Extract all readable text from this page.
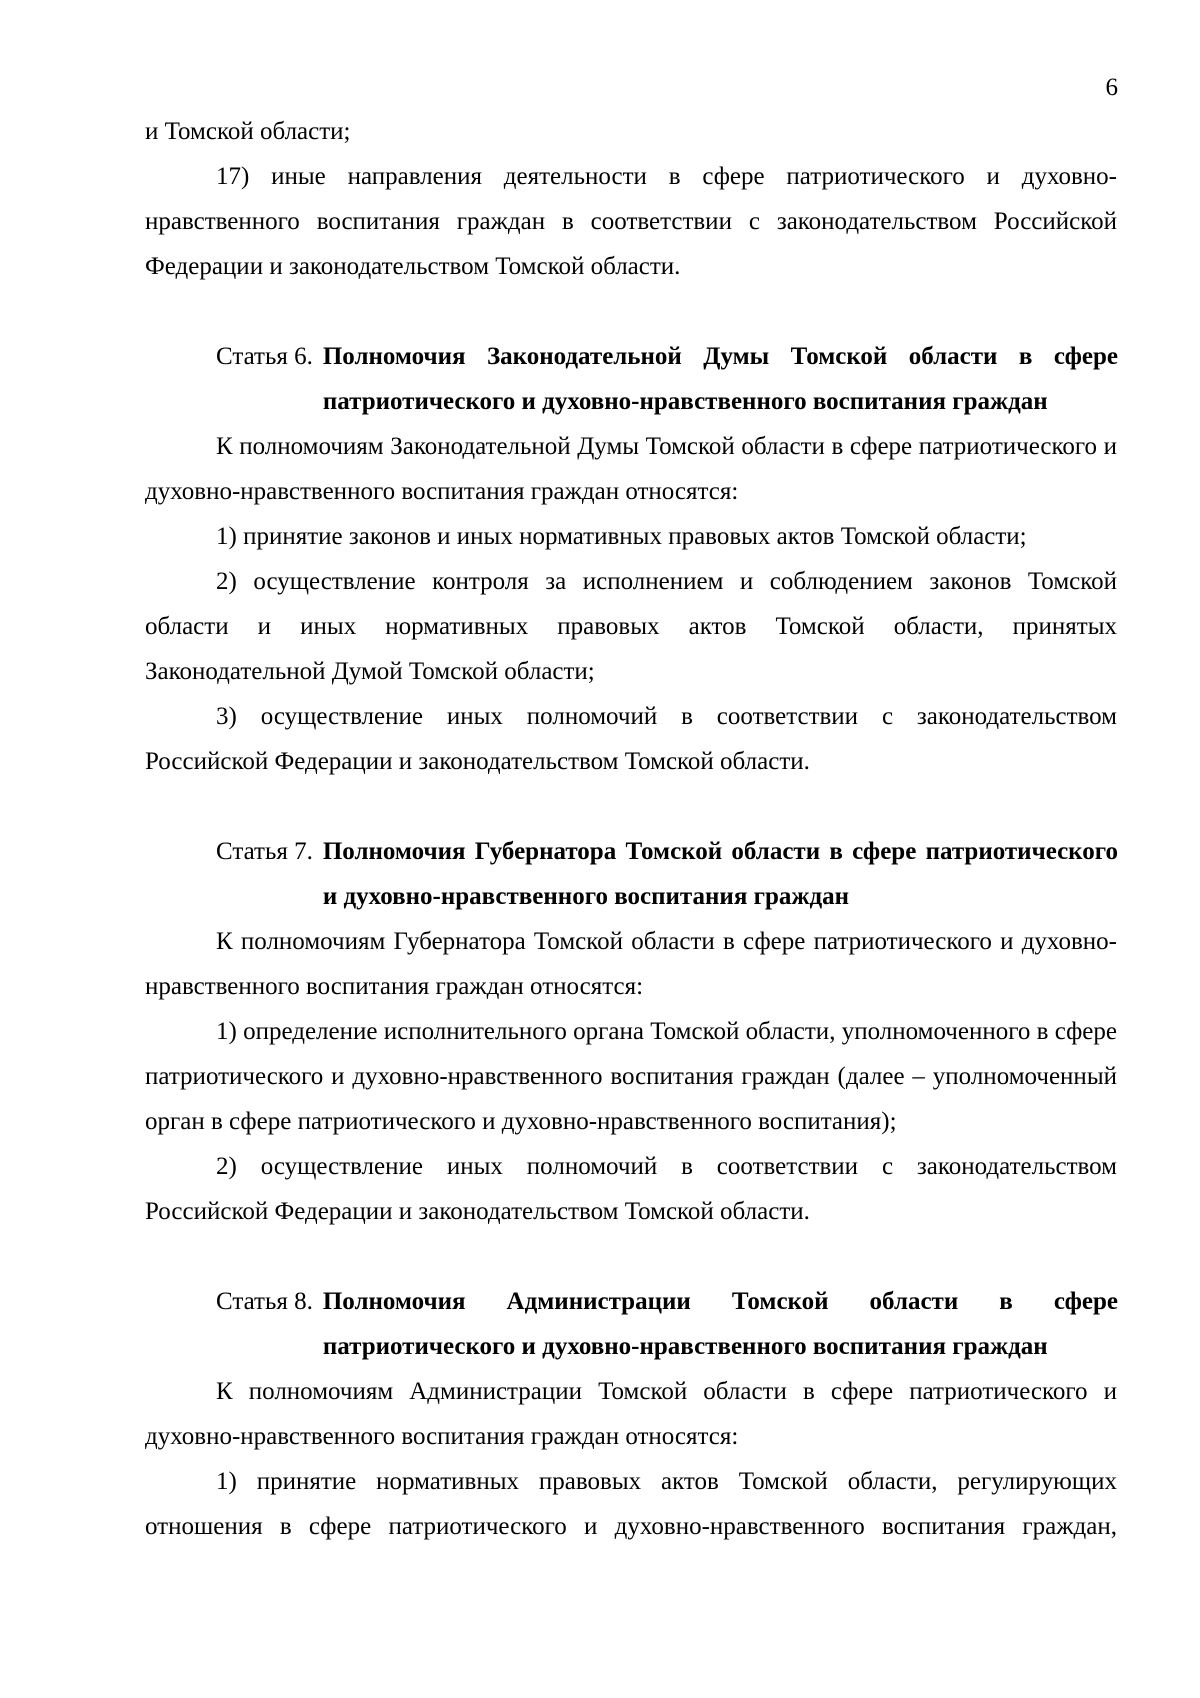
6

и Томской области;

17) иные направления деятельности в сфере патриотического и духовно-нравственного воспитания граждан в соответствии с законодательством Российской Федерации и законодательством Томской области.

Статья 6. Полномочия Законодательной Думы Томской области в сфере патриотического и духовно-нравственного воспитания граждан

К полномочиям Законодательной Думы Томской области в сфере патриотического и духовно-нравственного воспитания граждан относятся:

1) принятие законов и иных нормативных правовых актов Томской области;

2) осуществление контроля за исполнением и соблюдением законов Томской области и иных нормативных правовых актов Томской области, принятых Законодательной Думой Томской области;

3) осуществление иных полномочий в соответствии с законодательством Российской Федерации и законодательством Томской области.

Статья 7. Полномочия Губернатора Томской области в сфере патриотического и духовно-нравственного воспитания граждан

К полномочиям Губернатора Томской области в сфере патриотического и духовно-нравственного воспитания граждан относятся:

1) определение исполнительного органа Томской области, уполномоченного в сфере патриотического и духовно-нравственного воспитания граждан (далее – уполномоченный орган в сфере патриотического и духовно-нравственного воспитания);

2) осуществление иных полномочий в соответствии с законодательством Российской Федерации и законодательством Томской области.

Статья 8. Полномочия Администрации Томской области в сфере патриотического и духовно-нравственного воспитания граждан

К полномочиям Администрации Томской области в сфере патриотического и духовно-нравственного воспитания граждан относятся:

1) принятие нормативных правовых актов Томской области, регулирующих отношения в сфере патриотического и духовно-нравственного воспитания граждан,
